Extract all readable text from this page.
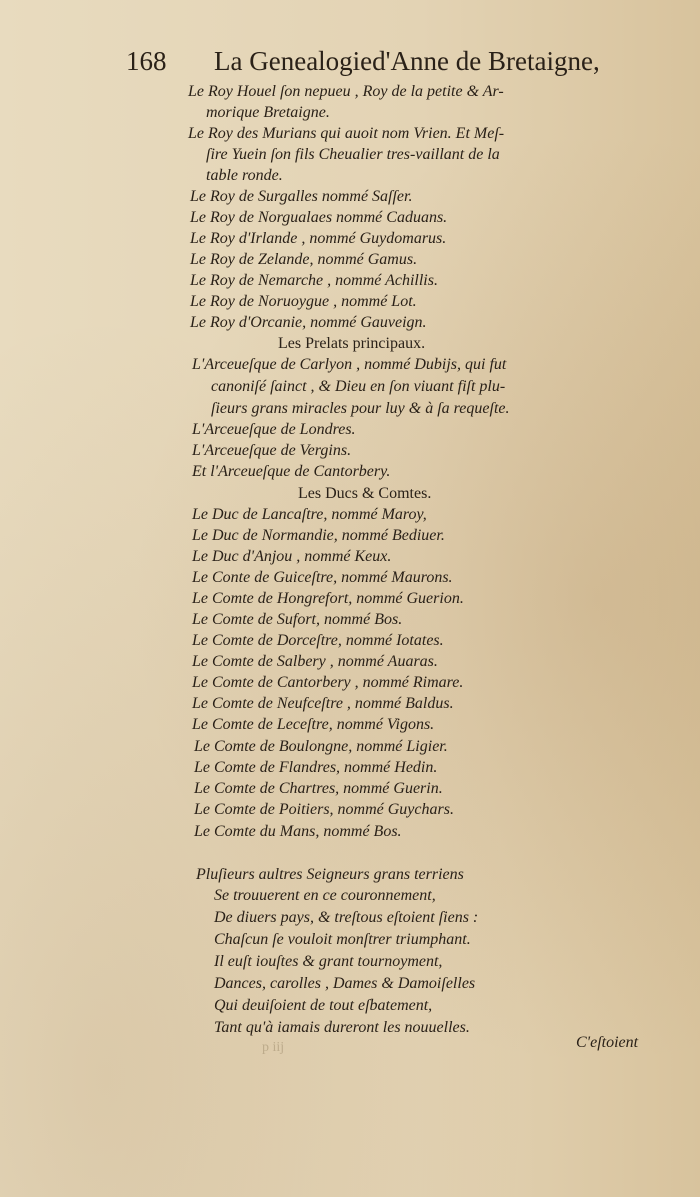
168 La Genealogied'Anne de Bretaigne,
Le Roy Houel ſon nepueu , Roy de la petite & Ar-
morique Bretaigne.
Le Roy des Murians qui auoit nom Vrien. Et Meſ-
ſire Yuein ſon fils Cheualier tres-vaillant de la
table ronde.
Le Roy de Surgalles nommé Saſſer.
Le Roy de Norgualaes nommé Caduans.
Le Roy d'Irlande , nommé Guydomarus.
Le Roy de Zelande, nommé Gamus.
Le Roy de Nemarche , nommé Achillis.
Le Roy de Noruoygue , nommé Lot.
Le Roy d'Orcanie, nommé Gauveign.
Les Prelats principaux.
L'Arceueſque de Carlyon , nommé Dubijs, qui fut
canoniſé ſainct , & Dieu en ſon viuant fiſt plu-
ſieurs grans miracles pour luy & à ſa requeſte.
L'Arceueſque de Londres.
L'Arceueſque de Vergins.
Et l'Arceueſque de Cantorbery.
Les Ducs & Comtes.
Le Duc de Lancaſtre, nommé Maroy,
Le Duc de Normandie, nommé Bediuer.
Le Duc d'Anjou , nommé Keux.
Le Conte de Guiceſtre, nommé Maurons.
Le Comte de Hongrefort, nommé Guerion.
Le Comte de Sufort, nommé Bos.
Le Comte de Dorceſtre, nommé Iotates.
Le Comte de Salbery , nommé Auaras.
Le Comte de Cantorbery , nommé Rimare.
Le Comte de Neufceſtre , nommé Baldus.
Le Comte de Leceſtre, nommé Vigons.
Le Comte de Boulongne, nommé Ligier.
Le Comte de Flandres, nommé Hedin.
Le Comte de Chartres, nommé Guerin.
Le Comte de Poitiers, nommé Guychars.
Le Comte du Mans, nommé Bos.
Pluſieurs aultres Seigneurs grans terriens
Se trouuerent en ce couronnement,
De diuers pays, & treſtous eſtoient ſiens :
Chaſcun ſe vouloit monſtrer triumphant.
Il euſt iouſtes & grant tournoyment,
Dances, carolles , Dames & Damoiſelles
Qui deuiſoient de tout eſbatement,
Tant qu'à iamais dureront les nouuelles.
p iij	C'eſtoient
